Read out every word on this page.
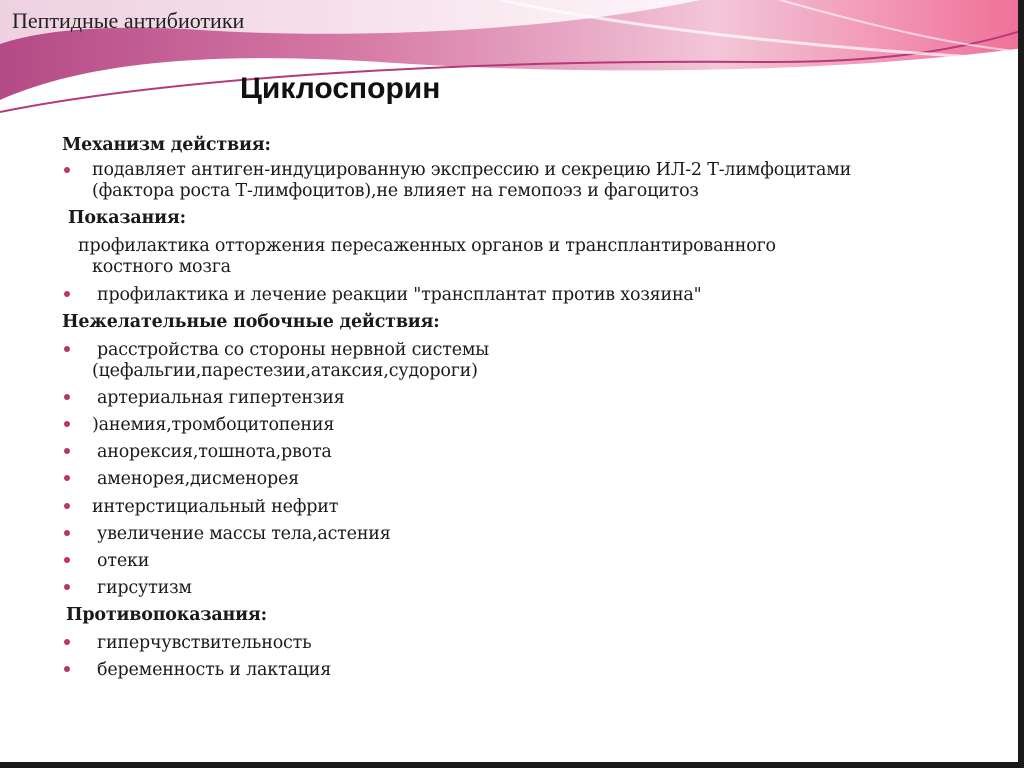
Пептидные антибиотики
Циклоспорин
Механизм действия:
подавляет антиген-индуцированную экспрессию и секрецию ИЛ-2 Т-лимфоцитами
(фактора роста Т-лимфоцитов),не влияет на гемопоэз и фагоцитоз
Показания:
профилактика отторжения пересаженных органов и трансплантированного
костного мозга
профилактика и лечение реакции "трансплантат против хозяина"
Нежелательные побочные действия:
расстройства со стороны нервной системы
(цефальгии,парестезии,атаксия,судороги)
артериальная гипертензия
)анемия,тромбоцитопения
анорексия,тошнота,рвота
аменорея,дисменорея
интерстициальный нефрит
увеличение массы тела,астения
отеки
гирсутизм
Противопоказания:
гиперчувствительность
беременность и лактация
